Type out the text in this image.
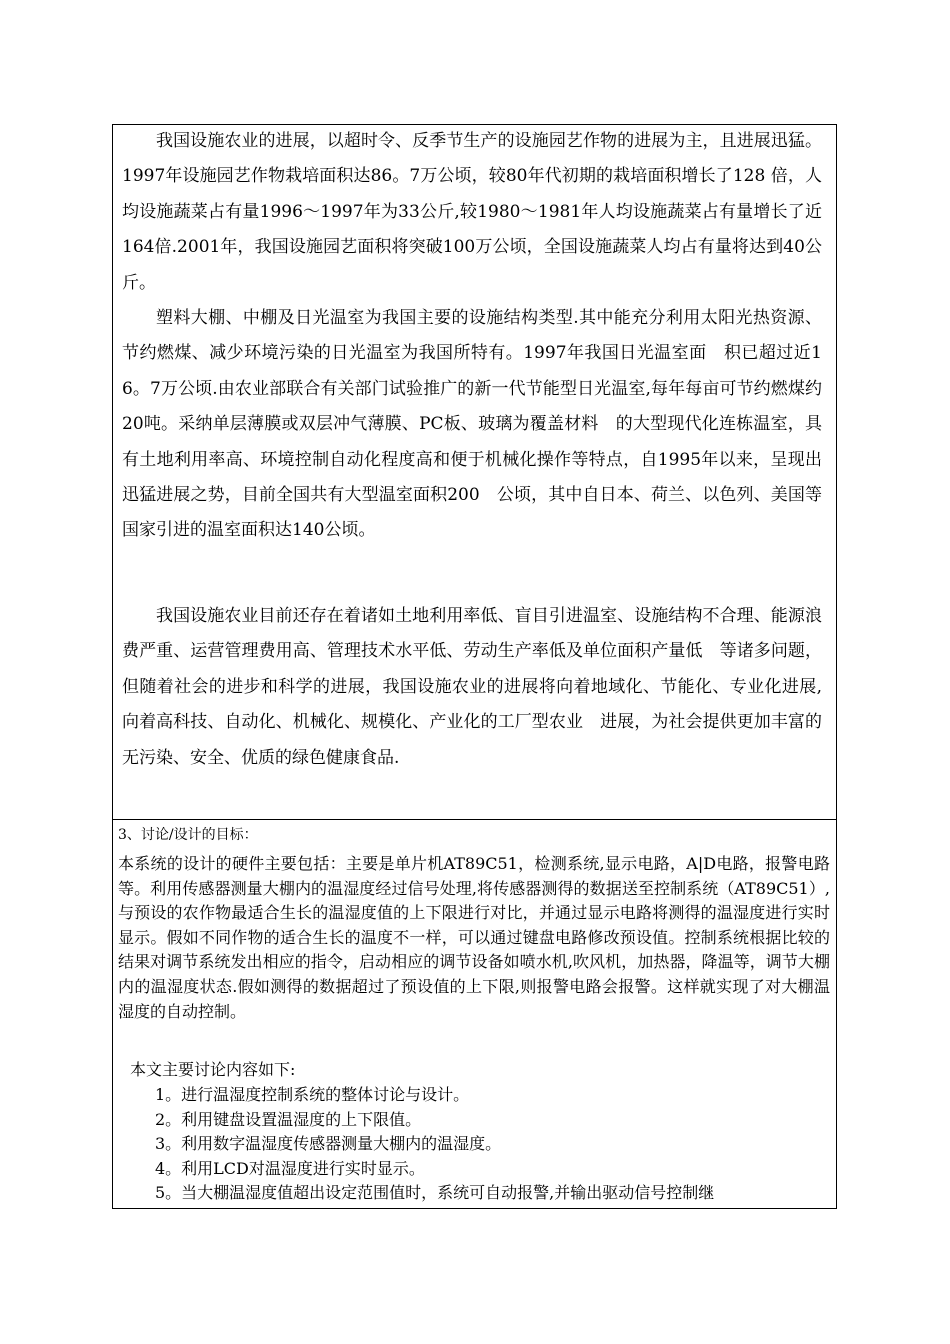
我国设施农业的进展，以超时令、反季节生产的设施园艺作物的进展为主，且进展迅猛。1997年设施园艺作物栽培面积达86。7万公顷，较80年代初期的栽培面积增长了128 倍，人均设施蔬菜占有量1996～1997年为33公斤,较1980～1981年人均设施蔬菜占有量增长了近164倍.2001年，我国设施园艺面积将突破100万公顷，全国设施蔬菜人均占有量将达到40公斤。

塑料大棚、中棚及日光温室为我国主要的设施结构类型.其中能充分利用太阳光热资源、节约燃煤、减少环境污染的日光温室为我国所特有。1997年我国日光温室面　积已超过近16。7万公顷.由农业部联合有关部门试验推广的新一代节能型日光温室,每年每亩可节约燃煤约20吨。采纳单层薄膜或双层冲气薄膜、PC板、玻璃为覆盖材料　的大型现代化连栋温室，具有土地利用率高、环境控制自动化程度高和便于机械化操作等特点，自1995年以来，呈现出迅猛进展之势，目前全国共有大型温室面积200　公顷，其中自日本、荷兰、以色列、美国等国家引进的温室面积达140公顷。

我国设施农业目前还存在着诸如土地利用率低、盲目引进温室、设施结构不合理、能源浪费严重、运营管理费用高、管理技术水平低、劳动生产率低及单位面积产量低　等诸多问题，但随着社会的进步和科学的进展，我国设施农业的进展将向着地域化、节能化、专业化进展,向着高科技、自动化、机械化、规模化、产业化的工厂型农业　进展，为社会提供更加丰富的无污染、安全、优质的绿色健康食品.

3、讨论/设计的目标：

本系统的设计的硬件主要包括：主要是单片机AT89C51，检测系统,显示电路，A|D电路，报警电路等。利用传感器测量大棚内的温湿度经过信号处理,将传感器测得的数据送至控制系统（AT89C51）,与预设的农作物最适合生长的温湿度值的上下限进行对比，并通过显示电路将测得的温湿度进行实时显示。假如不同作物的适合生长的温度不一样，可以通过键盘电路修改预设值。控制系统根据比较的结果对调节系统发出相应的指令，启动相应的调节设备如喷水机,吹风机，加热器，降温等，调节大棚内的温湿度状态.假如测得的数据超过了预设值的上下限,则报警电路会报警。这样就实现了对大棚温湿度的自动控制。

本文主要讨论内容如下:

1。进行温湿度控制系统的整体讨论与设计。
2。利用键盘设置温湿度的上下限值。
3。利用数字温湿度传感器测量大棚内的温湿度。
4。利用LCD对温湿度进行实时显示。
5。当大棚温湿度值超出设定范围值时，系统可自动报警,并输出驱动信号控制继
